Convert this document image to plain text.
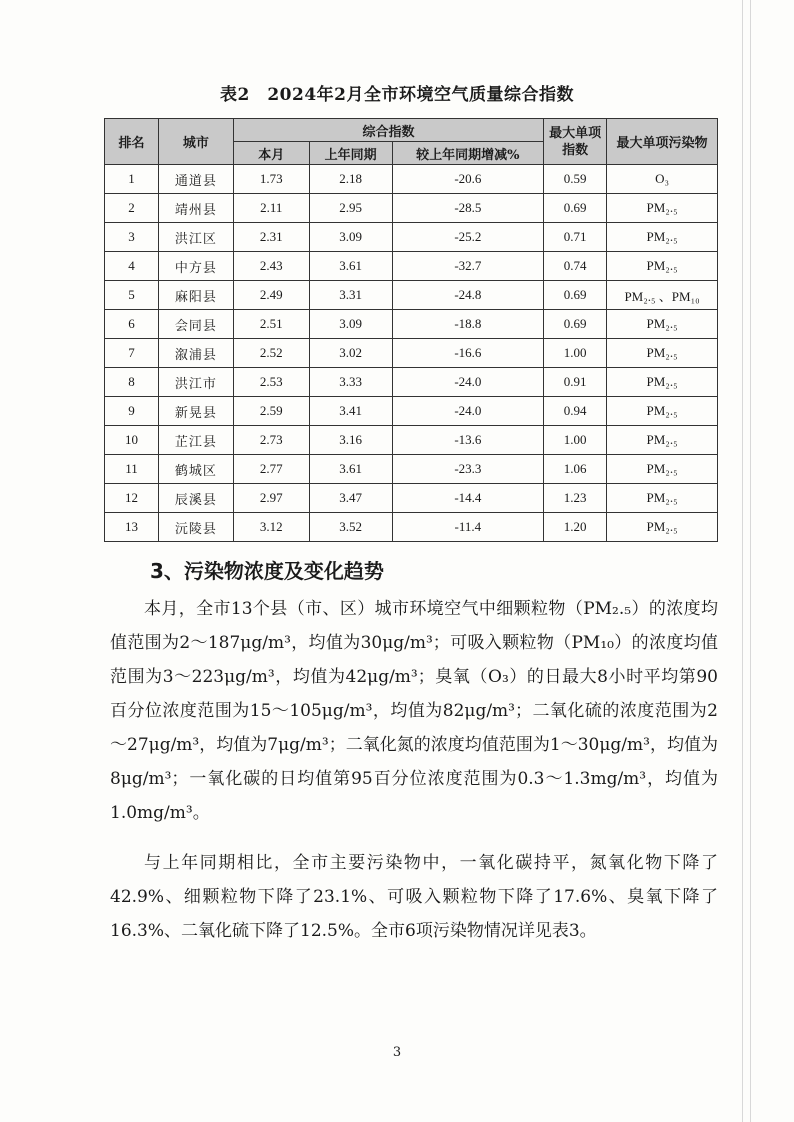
表2　2024年2月全市环境空气质量综合指数
排名	城市	综合指数			最大单项指数	最大单项污染物
		本月	上年同期	较上年同期增减%		
1	通道县	1.73	2.18	-20.6	0.59	O₃
2	靖州县	2.11	2.95	-28.5	0.69	PM₂.₅
3	洪江区	2.31	3.09	-25.2	0.71	PM₂.₅
4	中方县	2.43	3.61	-32.7	0.74	PM₂.₅
5	麻阳县	2.49	3.31	-24.8	0.69	PM₂.₅ 、PM₁₀
6	会同县	2.51	3.09	-18.8	0.69	PM₂.₅
7	溆浦县	2.52	3.02	-16.6	1.00	PM₂.₅
8	洪江市	2.53	3.33	-24.0	0.91	PM₂.₅
9	新晃县	2.59	3.41	-24.0	0.94	PM₂.₅
10	芷江县	2.73	3.16	-13.6	1.00	PM₂.₅
11	鹤城区	2.77	3.61	-23.3	1.06	PM₂.₅
12	辰溪县	2.97	3.47	-14.4	1.23	PM₂.₅
13	沅陵县	3.12	3.52	-11.4	1.20	PM₂.₅
3、污染物浓度及变化趋势
本月，全市13个县（市、区）城市环境空气中细颗粒物（PM₂.₅）的浓度均值范围为2～187μg/m³，均值为30μg/m³；可吸入颗粒物（PM₁₀）的浓度均值范围为3～223μg/m³，均值为42μg/m³；臭氧（O₃）的日最大8小时平均第90百分位浓度范围为15～105μg/m³，均值为82μg/m³；二氧化硫的浓度范围为2～27μg/m³，均值为7μg/m³；二氧化氮的浓度均值范围为1～30μg/m³，均值为8μg/m³；一氧化碳的日均值第95百分位浓度范围为0.3～1.3mg/m³，均值为1.0mg/m³。
与上年同期相比，全市主要污染物中，一氧化碳持平，氮氧化物下降了42.9%、细颗粒物下降了23.1%、可吸入颗粒物下降了17.6%、臭氧下降了16.3%、二氧化硫下降了12.5%。全市6项污染物情况详见表3。
3
